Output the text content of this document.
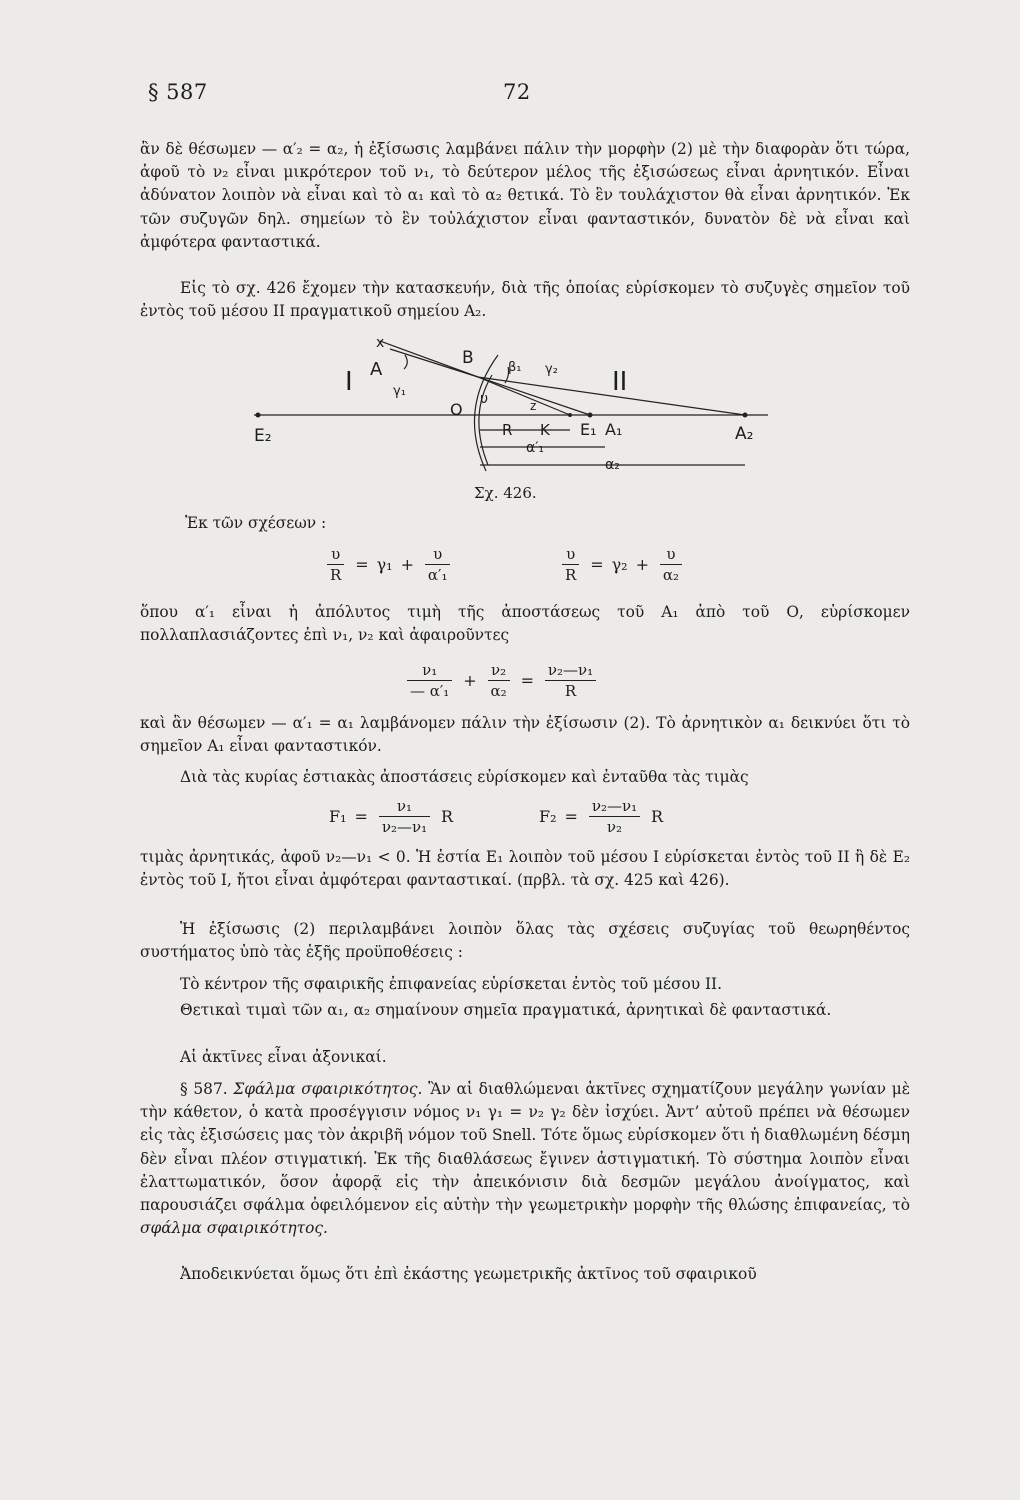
§ 587	72
ἂν δὲ θέσωμεν — α′₂ = α₂, ἡ ἐξίσωσις λαμβάνει πάλιν τὴν μορφὴν (2) μὲ τὴν διαφορὰν ὅτι τώρα, ἀφοῦ τὸ ν₂ εἶναι μικρότερον τοῦ ν₁, τὸ δεύτερον μέλος τῆς ἐξισώσεως εἶναι ἀρνητικόν. Εἶναι ἀδύνατον λοιπὸν νὰ εἶναι καὶ τὸ α₁ καὶ τὸ α₂ θετικά. Τὸ ἓν τουλάχιστον θὰ εἶναι ἀρνητικόν. Ἐκ τῶν συζυγῶν δηλ. σημείων τὸ ἓν τοὐλάχιστον εἶναι φανταστικόν, δυνατὸν δὲ νὰ εἶναι καὶ ἀμφότερα φανταστικά.
Εἰς τὸ σχ. 426 ἔχομεν τὴν κατασκευήν, διὰ τῆς ὁποίας εὑρίσκομεν τὸ συζυγὲς σημεῖον τοῦ ἐντὸς τοῦ μέσου ΙΙ πραγματικοῦ σημείου Α₂.
I	II
A
x
B
O
γ₁
β₁ γ₂
υ	z
E₂	R K E₁ A₁	A₂
α′₁
α₂
Σχ. 426.
Ἐκ τῶν σχέσεων :
$\frac{\upsilon}{R} = \gamma_1 + \frac{\upsilon}{\text{α′₁}}$	$\frac{\upsilon}{R} = \gamma_2 + \frac{\upsilon}{\text{α₂}}$
ὅπου α′₁ εἶναι ἡ ἀπόλυτος τιμὴ τῆς ἀποστάσεως τοῦ Α₁ ἀπὸ τοῦ Ο, εὑρίσκομεν πολλαπλασιάζοντες ἐπὶ ν₁, ν₂ καὶ ἀφαιροῦντες
$\frac{\text{ν₁}}{\text{— α′₁}} + \frac{\text{ν₂}}{\text{α₂}} = \frac{\text{ν₂—ν₁}}{R}$
καὶ ἂν θέσωμεν — α′₁ = α₁ λαμβάνομεν πάλιν τὴν ἐξίσωσιν (2). Τὸ ἀρνητικὸν α₁ δεικνύει ὅτι τὸ σημεῖον Α₁ εἶναι φανταστικόν.
Διὰ τὰς κυρίας ἑστιακὰς ἀποστάσεις εὑρίσκομεν καὶ ἐνταῦθα τὰς τιμὰς
$F_1 = \frac{\text{ν₁}}{\text{ν₂—ν₁}}$ R	$F_2 = \frac{\text{ν₂—ν₁}}{\text{ν₂}}$ R
τιμὰς ἀρνητικάς, ἀφοῦ ν₂—ν₁ < 0. Ἡ ἑστία Ε₁ λοιπὸν τοῦ μέσου Ι εὑρίσκεται ἐντὸς τοῦ ΙΙ ἢ δὲ Ε₂ ἐντὸς τοῦ Ι, ἤτοι εἶναι ἀμφότεραι φανταστικαί. (πρβλ. τὰ σχ. 425 καὶ 426).
Ἡ ἐξίσωσις (2) περιλαμβάνει λοιπὸν ὅλας τὰς σχέσεις συζυγίας τοῦ θεωρηθέντος συστήματος ὑπὸ τὰς ἑξῆς προϋποθέσεις :
Τὸ κέντρον τῆς σφαιρικῆς ἐπιφανείας εὑρίσκεται ἐντὸς τοῦ μέσου ΙΙ.
Θετικαὶ τιμαὶ τῶν α₁, α₂ σημαίνουν σημεῖα πραγματικά, ἀρνητικαὶ δὲ φανταστικά.
Αἱ ἀκτῖνες εἶναι ἀξονικαί.
§ 587. Σφάλμα σφαιρικότητος. Ἂν αἱ διαθλώμεναι ἀκτῖνες σχηματίζουν μεγάλην γωνίαν μὲ τὴν κάθετον, ὁ κατὰ προσέγγισιν νόμος ν₁ γ₁ = ν₂ γ₂ δὲν ἰσχύει. Ἀντ’ αὐτοῦ πρέπει νὰ θέσωμεν εἰς τὰς ἐξισώσεις μας τὸν ἀκριβῆ νόμον τοῦ Snell. Τότε ὅμως εὑρίσκομεν ὅτι ἡ διαθλωμένη δέσμη δὲν εἶναι πλέον στιγματική. Ἐκ τῆς διαθλάσεως ἔγινεν ἀστιγματική. Τὸ σύστημα λοιπὸν εἶναι ἐλαττωματικόν, ὅσον ἀφορᾷ εἰς τὴν ἀπεικόνισιν διὰ δεσμῶν μεγάλου ἀνοίγματος, καὶ παρουσιάζει σφάλμα ὀφειλόμενον εἰς αὐτὴν τὴν γεωμετρικὴν μορφὴν τῆς θλώσης ἐπιφανείας, τὸ σφάλμα σφαιρικότητος.
Ἀποδεικνύεται ὅμως ὅτι ἐπὶ ἑκάστης γεωμετρικῆς ἀκτῖνος τοῦ σφαιρικοῦ
